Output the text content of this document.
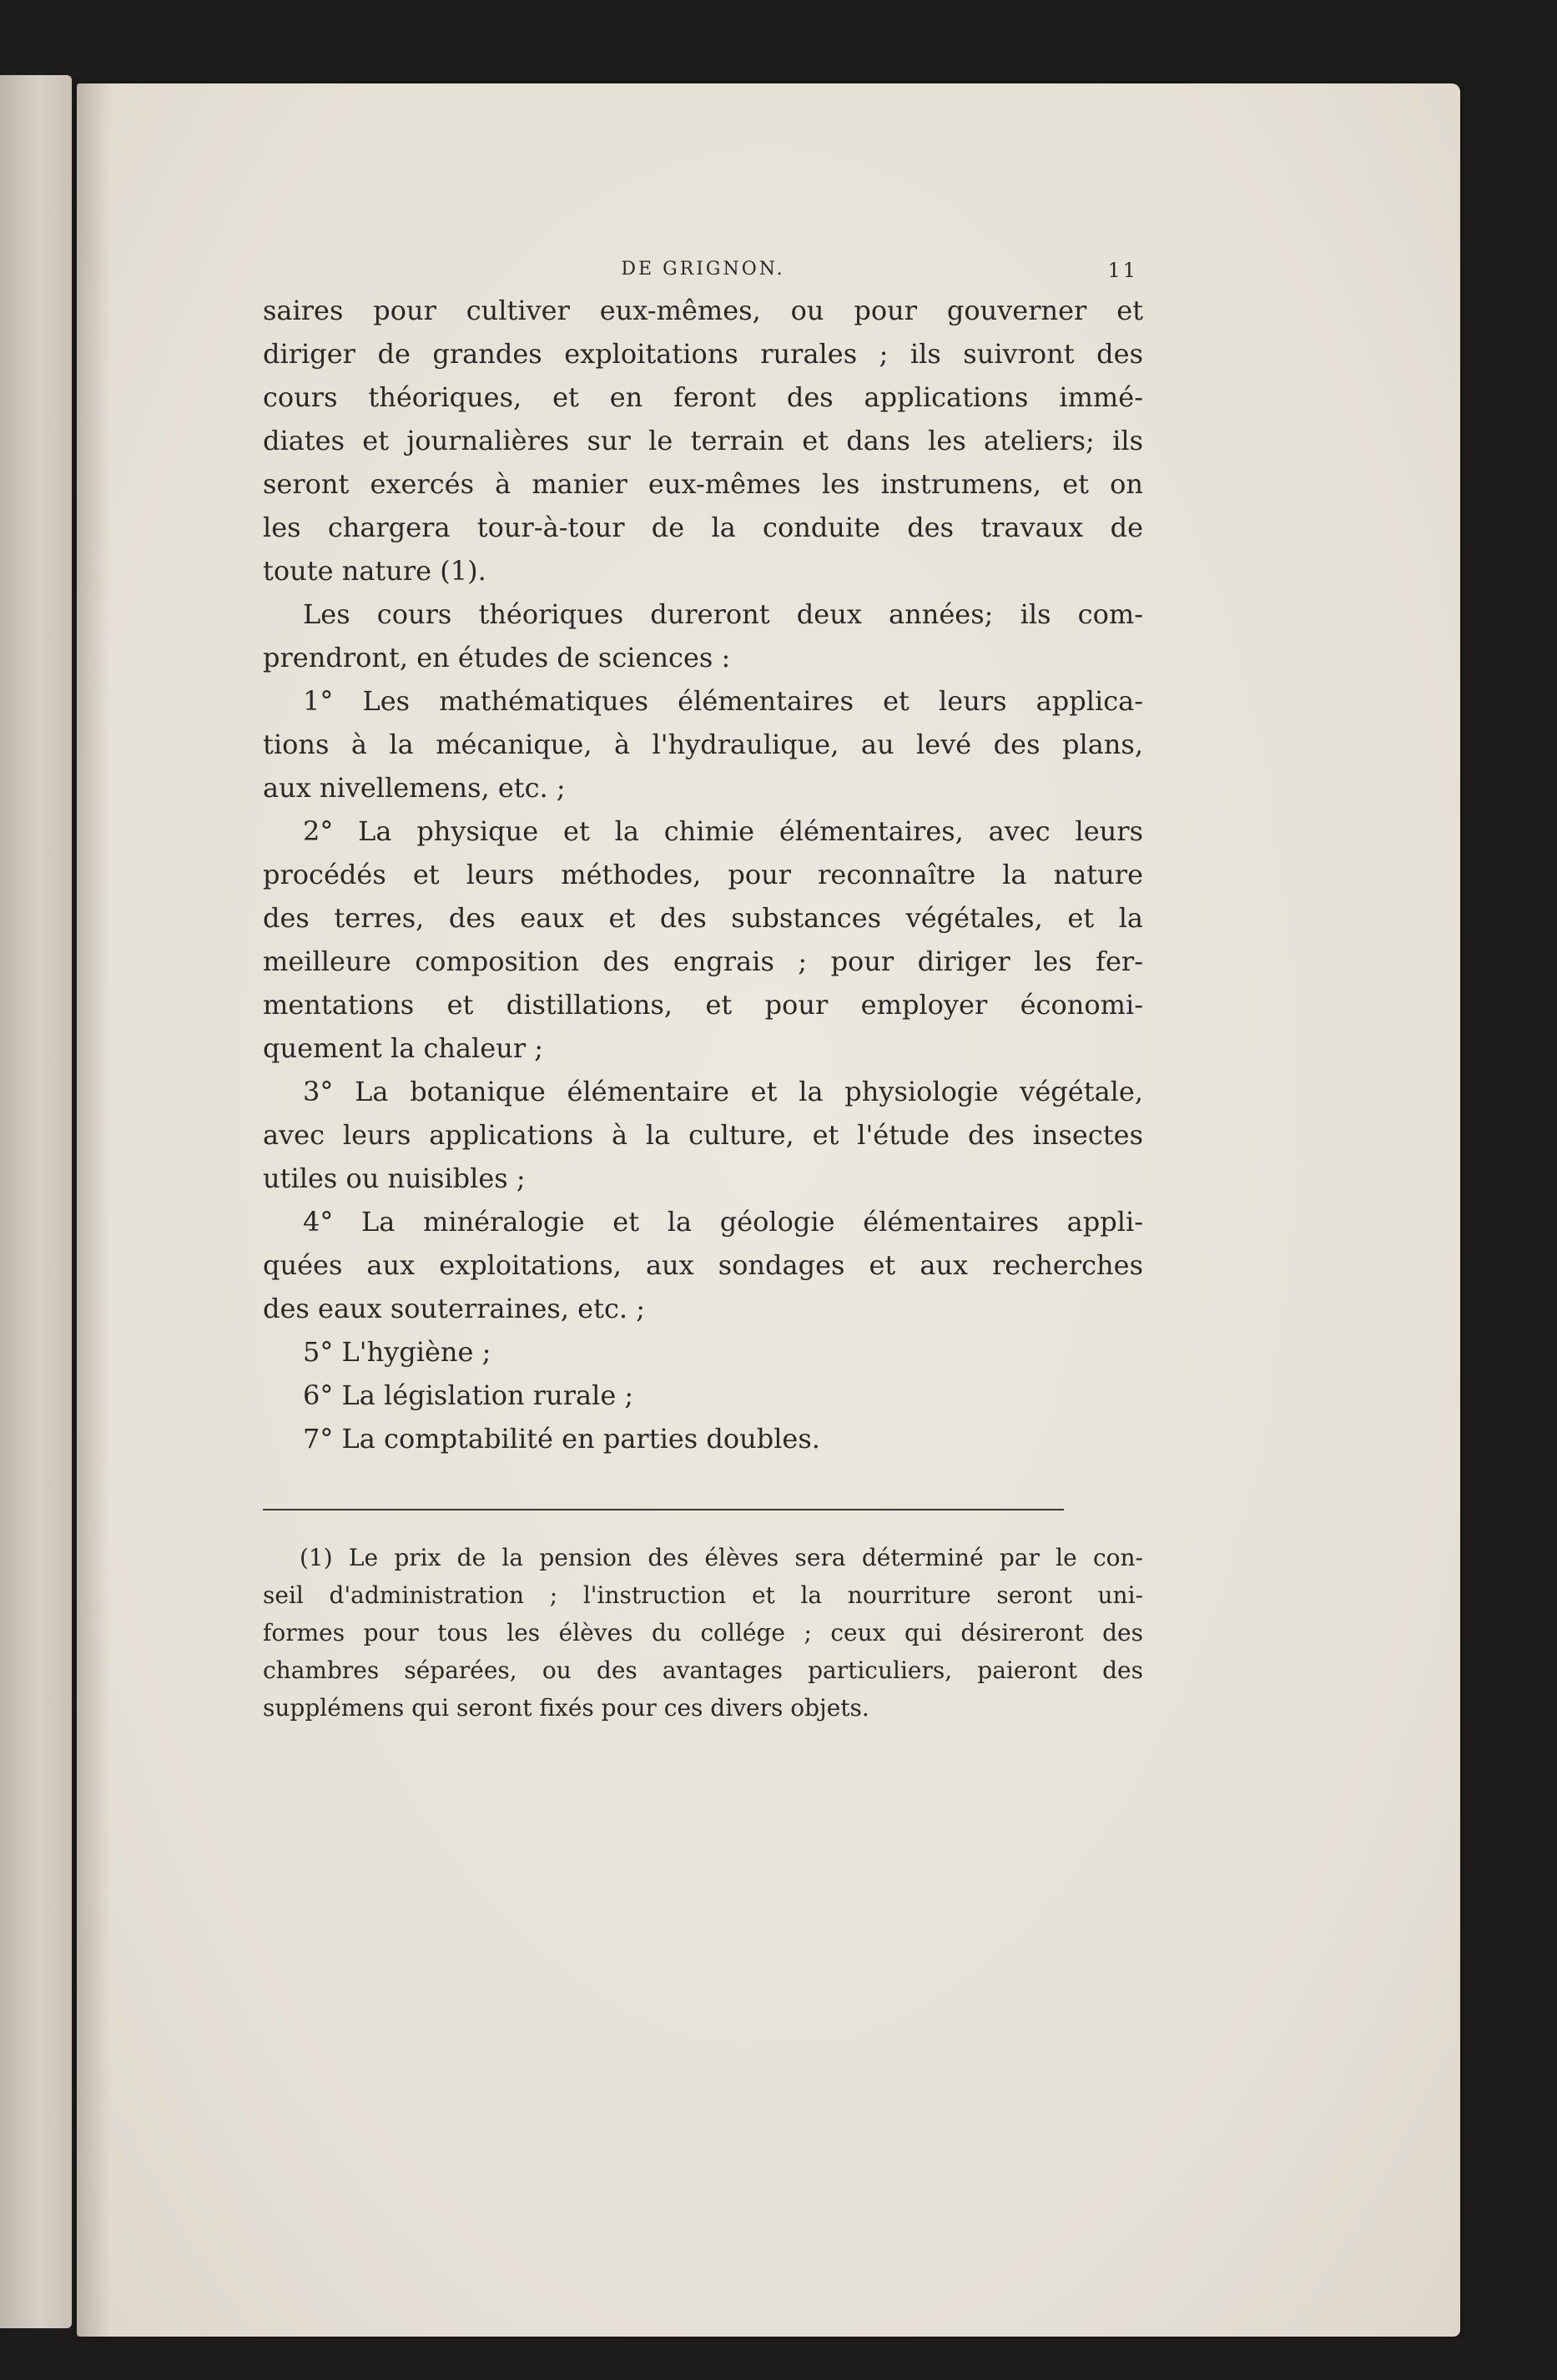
DE GRIGNON.	11

saires pour cultiver eux-mêmes, ou pour gouverner et
diriger de grandes exploitations rurales ; ils suivront des
cours théoriques, et en feront des applications immé-
diates et journalières sur le terrain et dans les ateliers; ils
seront exercés à manier eux-mêmes les instrumens, et on
les chargera tour-à-tour de la conduite des travaux de
toute nature (1).

Les cours théoriques dureront deux années; ils com-
prendront, en études de sciences :

1° Les mathématiques élémentaires et leurs applica-
tions à la mécanique, à l'hydraulique, au levé des plans,
aux nivellemens, etc. ;

2° La physique et la chimie élémentaires, avec leurs
procédés et leurs méthodes, pour reconnaître la nature
des terres, des eaux et des substances végétales, et la
meilleure composition des engrais ; pour diriger les fer-
mentations et distillations, et pour employer économi-
quement la chaleur ;

3° La botanique élémentaire et la physiologie végétale,
avec leurs applications à la culture, et l'étude des insectes
utiles ou nuisibles ;

4° La minéralogie et la géologie élémentaires appli-
quées aux exploitations, aux sondages et aux recherches
des eaux souterraines, etc. ;

5° L'hygiène ;

6° La législation rurale ;

7° La comptabilité en parties doubles.

(1) Le prix de la pension des élèves sera déterminé par le con-
seil d'administration ; l'instruction et la nourriture seront uni-
formes pour tous les élèves du collége ; ceux qui désireront des
chambres séparées, ou des avantages particuliers, paieront des
supplémens qui seront fixés pour ces divers objets.
